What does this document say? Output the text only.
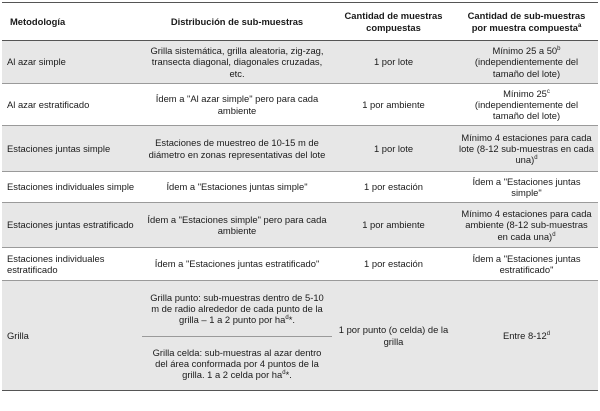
Metodología	Distribución de sub-muestras	Cantidad de muestras compuestas	Cantidad de sub-muestras por muestra compuesta$^a$
Al azar simple	Grilla sistemática, grilla aleatoria, zig-zag, transecta diagonal, diagonales cruzadas, etc.	1 por lote	Mínimo 25 a 50$^b$ (independientemente del tamaño del lote)
Al azar estratificado	Ídem a "Al azar simple" pero para cada ambiente	1 por ambiente	Mínimo 25$^c$ (independientemente del tamaño del lote)
Estaciones juntas simple	Estaciones de muestreo de 10-15 m de diámetro en zonas representativas del lote	1 por lote	Mínimo 4 estaciones para cada lote (8-12 sub-muestras en cada una)$^d$
Estaciones individuales simple	Ídem a "Estaciones juntas simple"	1 por estación	Ídem a "Estaciones juntas simple"
Estaciones juntas estratificado	Ídem a "Estaciones simple" pero para cada ambiente	1 por ambiente	Mínimo 4 estaciones para cada ambiente (8-12 sub-muestras en cada una)$^d$
Estaciones individuales estratificado	Ídem a "Estaciones juntas estratificado"	1 por estación	Ídem a "Estaciones juntas estratificado"
Grilla	Grilla punto: sub-muestras dentro de 5-10 m de radio alrededor de cada punto de la grilla – 1 a 2 punto por $ha^d*$.	1 por punto (o celda) de la grilla	Entre 8-12$^d$
	Grilla celda: sub-muestras al azar dentro del área conformada por 4 puntos de la grilla. 1 a 2 celda por $ha^d*$.		
